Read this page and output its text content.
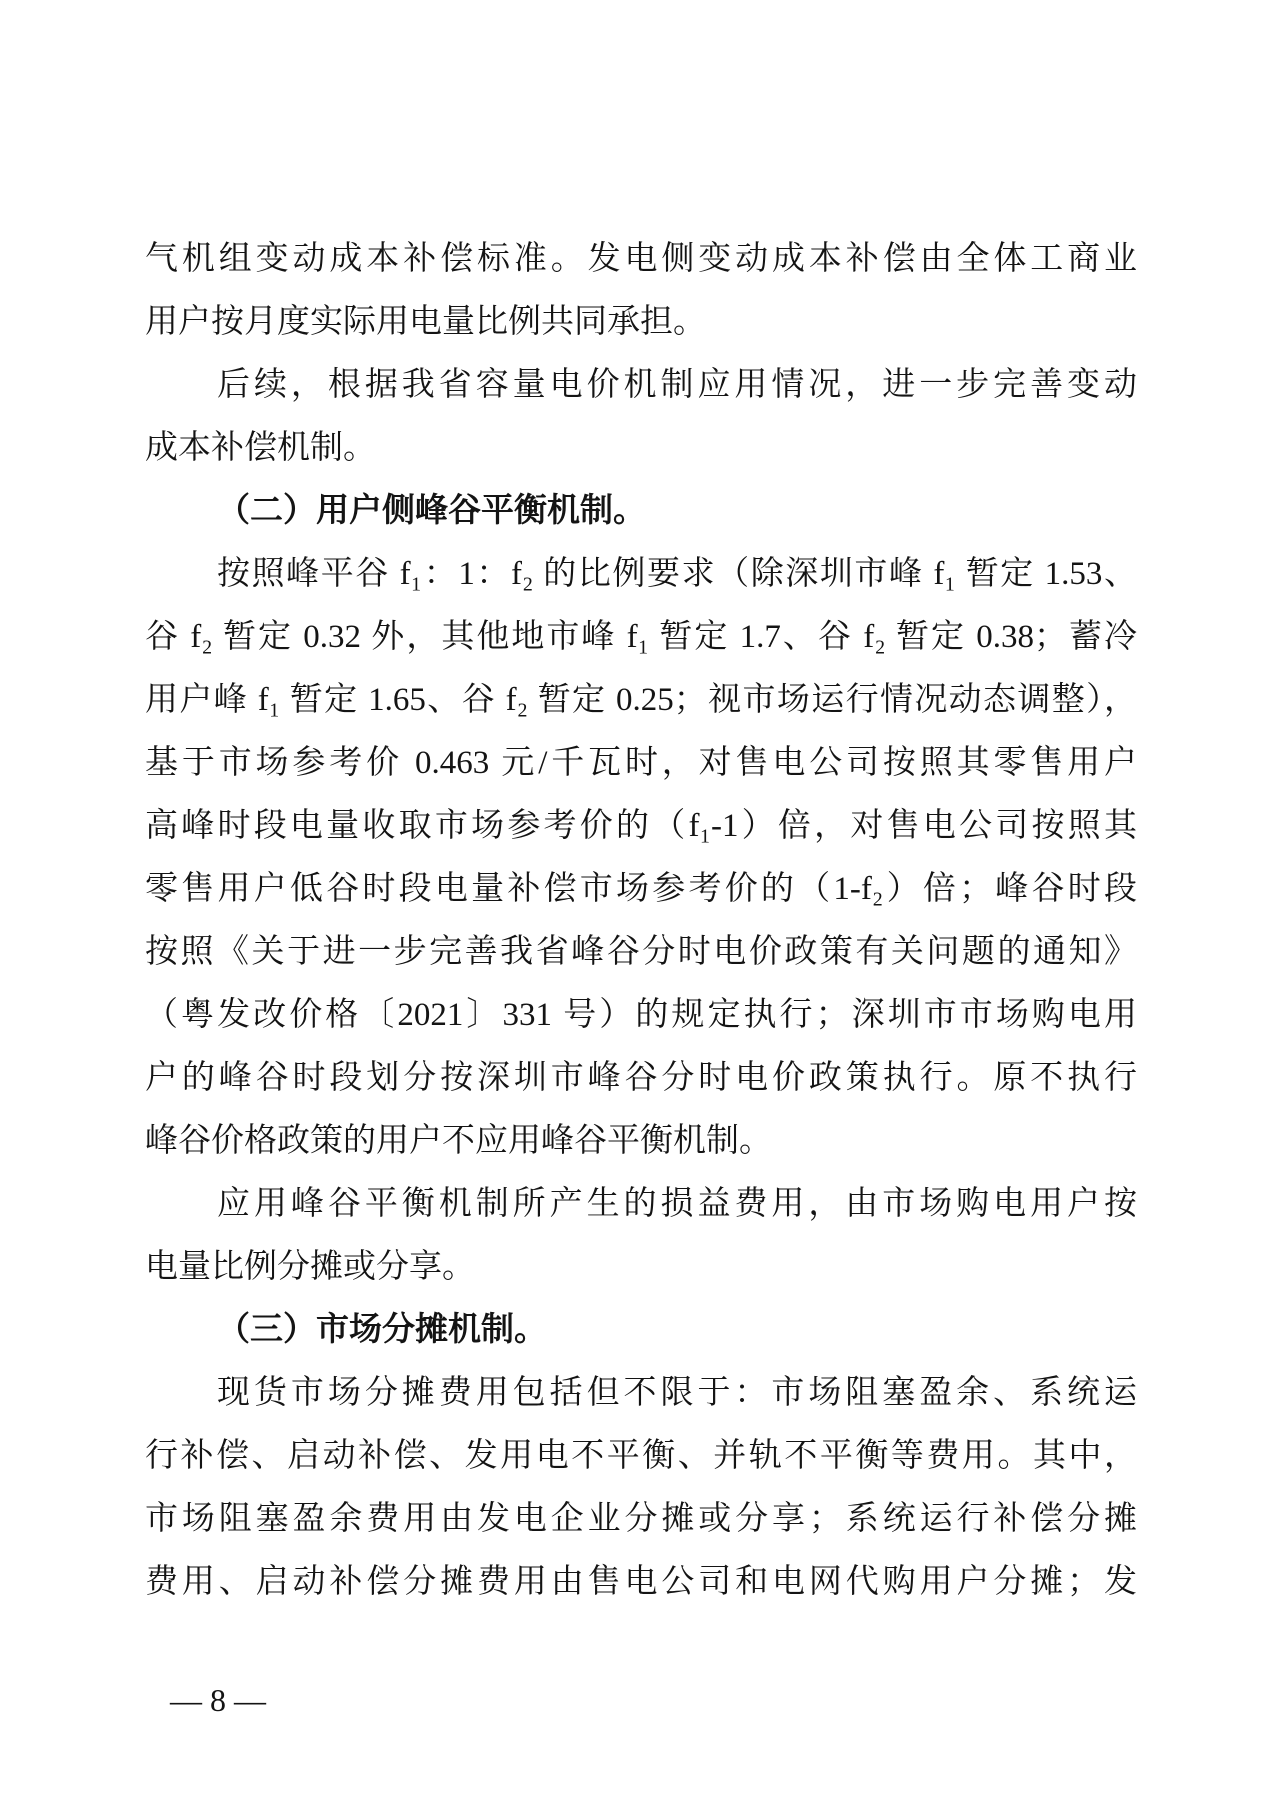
气机组变动成本补偿标准。发电侧变动成本补偿由全体工商业
用户按月度实际用电量比例共同承担。
后续，根据我省容量电价机制应用情况，进一步完善变动
成本补偿机制。
（二）用户侧峰谷平衡机制。
按照峰平谷 f₁：1：f₂ 的比例要求（除深圳市峰 f₁ 暂定 1.53、
谷 f₂ 暂定 0.32 外，其他地市峰 f₁ 暂定 1.7、谷 f₂ 暂定 0.38；蓄冷
用户峰 f₁ 暂定 1.65、谷 f₂ 暂定 0.25；视市场运行情况动态调整），
基于市场参考价 0.463 元/千瓦时，对售电公司按照其零售用户
高峰时段电量收取市场参考价的（f₁-1）倍，对售电公司按照其
零售用户低谷时段电量补偿市场参考价的（1-f₂）倍；峰谷时段
按照《关于进一步完善我省峰谷分时电价政策有关问题的通知》
（粤发改价格〔2021〕331 号）的规定执行；深圳市市场购电用
户的峰谷时段划分按深圳市峰谷分时电价政策执行。原不执行
峰谷价格政策的用户不应用峰谷平衡机制。
应用峰谷平衡机制所产生的损益费用，由市场购电用户按
电量比例分摊或分享。
（三）市场分摊机制。
现货市场分摊费用包括但不限于：市场阻塞盈余、系统运
行补偿、启动补偿、发用电不平衡、并轨不平衡等费用。其中，
市场阻塞盈余费用由发电企业分摊或分享；系统运行补偿分摊
费用、启动补偿分摊费用由售电公司和电网代购用户分摊；发
— 8 —
